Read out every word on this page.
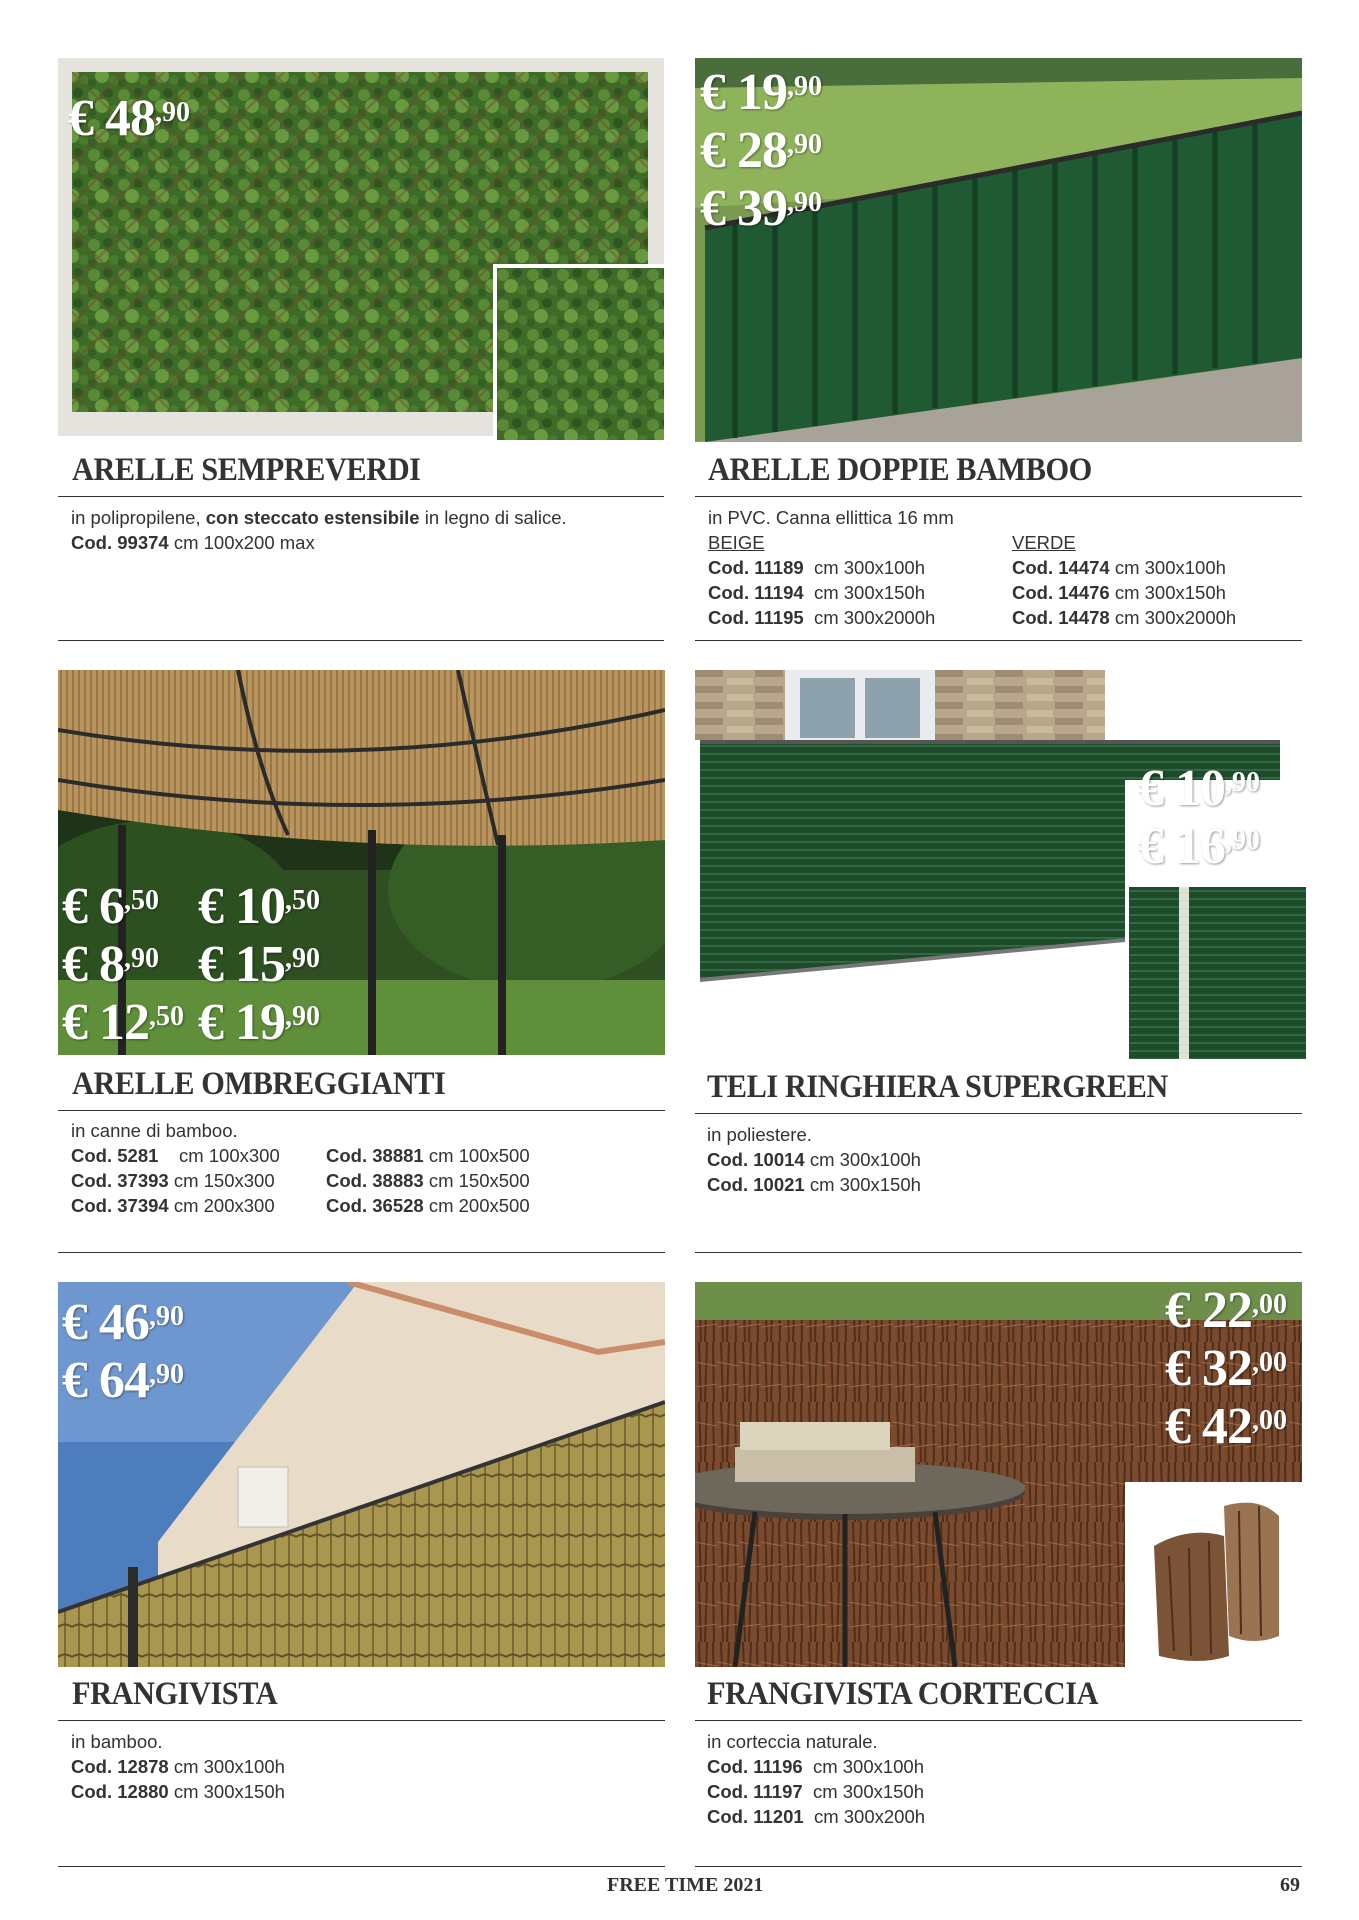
€ $48^{,90}$
ARELLE SEMPREVERDI
in polipropilene, con steccato estensibile in legno di salice.
Cod. 99374 cm 100x200 max
€ $19^{,90}$
€ $28^{,90}$
€ $39^{,90}$
ARELLE DOPPIE BAMBOO
in PVC. Canna ellittica 16 mm
BEIGE
Cod. 11189 cm 300x100h
Cod. 11194 cm 300x150h
Cod. 11195 cm 300x2000h
VERDE
Cod. 14474 cm 300x100h
Cod. 14476 cm 300x150h
Cod. 14478 cm 300x2000h
€ $6^{,50}$
€ $8^{,90}$
€ $12^{,50}$
€ $10^{,50}$
€ $15^{,90}$
€ $19^{,90}$
ARELLE OMBREGGIANTI
in canne di bamboo.
Cod. 5281 cm 100x300
Cod. 37393 cm 150x300
Cod. 37394 cm 200x300
Cod. 38881 cm 100x500
Cod. 38883 cm 150x500
Cod. 36528 cm 200x500
€ $10^{,90}$
€ $16^{,90}$
TELI RINGHIERA SUPERGREEN
in poliestere.
Cod. 10014 cm 300x100h
Cod. 10021 cm 300x150h
€ $46^{,90}$
€ $64^{,90}$
FRANGIVISTA
in bamboo.
Cod. 12878 cm 300x100h
Cod. 12880 cm 300x150h
€ $22^{,00}$
€ $32^{,00}$
€ $42^{,00}$
FRANGIVISTA CORTECCIA
in corteccia naturale.
Cod. 11196 cm 300x100h
Cod. 11197 cm 300x150h
Cod. 11201 cm 300x200h
FREE TIME 2021	69
